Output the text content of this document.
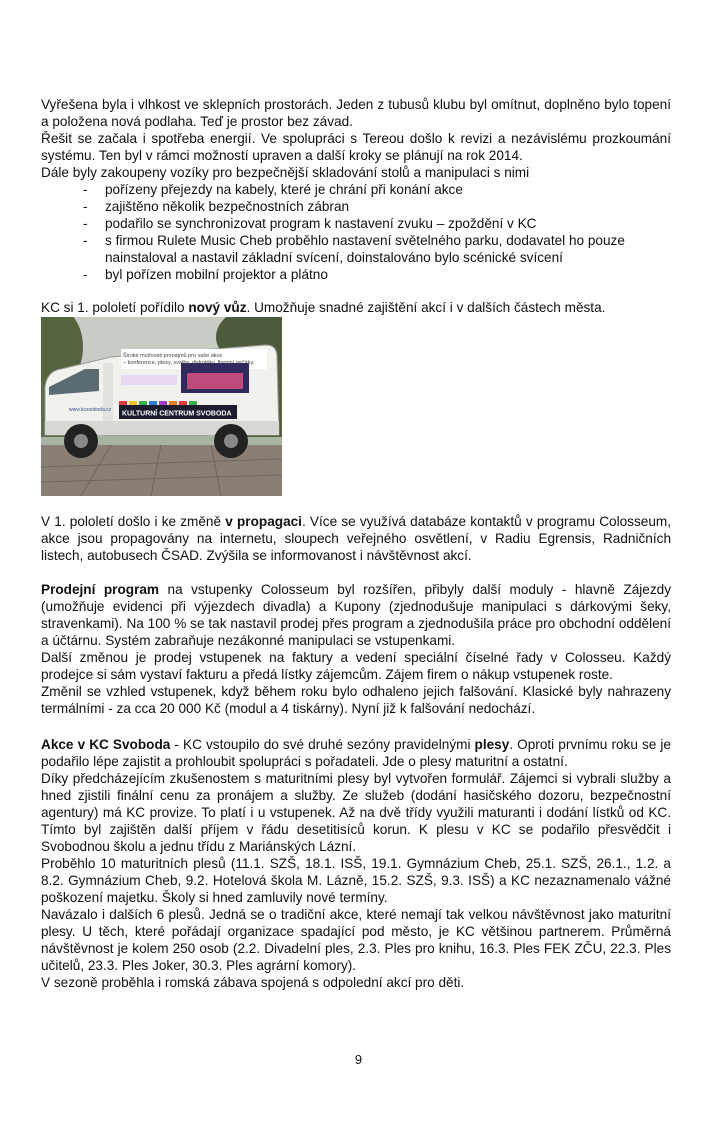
Vyřešena byla i vlhkost ve sklepních prostorách. Jeden z tubusů klubu byl omítnut, doplněno bylo topení a položena nová podlaha. Teď je prostor bez závad.

Řešit se začala i spotřeba energií. Ve spolupráci s Tereou došlo k revizi a nezávislému prozkoumání systému. Ten byl v rámci možností upraven a další kroky se plánují na rok 2014.

Dále byly zakoupeny vozíky pro bezpečnější skladování stolů a manipulaci s nimi

- pořízeny přejezdy na kabely, které je chrání při konání akce
- zajištěno několik bezpečnostních zábran
- podařilo se synchronizovat program k nastavení zvuku – zpoždění v KC
- s firmou Rulete Music Cheb proběhlo nastavení světelného parku, dodavatel ho pouze nainstaloval a nastavil základní svícení, doinstalováno bylo scénické svícení
- byl pořízen mobilní projektor a plátno

KC si 1. pololetí pořídilo nový vůz. Umožňuje snadné zajištění akcí i v dalších částech města.

Široké možnosti pronájmů pro vaše akce
– konference, plesy, svatby, diskotéky, firemní večírky.
KULTURNÍ CENTRUM SVOBODA
www.kcsvoboda.cz

V 1. pololetí došlo i ke změně v propagaci. Více se využívá databáze kontaktů v programu Colosseum, akce jsou propagovány na internetu, sloupech veřejného osvětlení, v Radiu Egrensis, Radničních listech, autobusech ČSAD. Zvýšila se informovanost i návštěvnost akcí.

Prodejní program na vstupenky Colosseum byl rozšířen, přibyly další moduly - hlavně Zájezdy (umožňuje evidenci při výjezdech divadla) a Kupony (zjednodušuje manipulaci s dárkovými šeky, stravenkami). Na 100 % se tak nastavil prodej přes program a zjednodušila práce pro obchodní oddělení a účtárnu. Systém zabraňuje nezákonné manipulaci se vstupenkami.

Další změnou je prodej vstupenek na faktury a vedení speciální číselné řady v Colosseu. Každý prodejce si sám vystaví fakturu a předá lístky zájemcům. Zájem firem o nákup vstupenek roste.

Změnil se vzhled vstupenek, když během roku bylo odhaleno jejich falšování. Klasické byly nahrazeny termálními - za cca 20 000 Kč (modul a 4 tiskárny). Nyní již k falšování nedochází.

Akce v KC Svoboda - KC vstoupilo do své druhé sezóny pravidelnými plesy. Oproti prvnímu roku se je podařilo lépe zajistit a prohloubit spolupráci s pořadateli. Jde o plesy maturitní a ostatní.

Díky předcházejícím zkušenostem s maturitními plesy byl vytvořen formulář. Zájemci si vybrali služby a hned zjistili finální cenu za pronájem a služby. Ze služeb (dodání hasičského dozoru, bezpečnostní agentury) má KC provize. To platí i u vstupenek. Až na dvě třídy využili maturanti i dodání lístků od KC. Tímto byl zajištěn další příjem v řádu desetitisíců korun. K plesu v KC se podařilo přesvědčit i Svobodnou školu a jednu třídu z Mariánských Lázní.

Proběhlo 10 maturitních plesů (11.1. SZŠ, 18.1. ISŠ, 19.1. Gymnázium Cheb, 25.1. SZŠ, 26.1., 1.2. a 8.2. Gymnázium Cheb, 9.2. Hotelová škola M. Lázně, 15.2. SZŠ, 9.3. ISŠ) a KC nezaznamenalo vážné poškození majetku. Školy si hned zamluvily nové termíny.

Navázalo i dalších 6 plesů. Jedná se o tradiční akce, které nemají tak velkou návštěvnost jako maturitní plesy. U těch, které pořádají organizace spadající pod město, je KC většinou partnerem. Průměrná návštěvnost je kolem 250 osob (2.2. Divadelní ples, 2.3. Ples pro knihu, 16.3. Ples FEK ZČU, 22.3. Ples učitelů, 23.3. Ples Joker, 30.3. Ples agrární komory).

V sezoně proběhla i romská zábava spojená s odpolední akcí pro děti.

9
